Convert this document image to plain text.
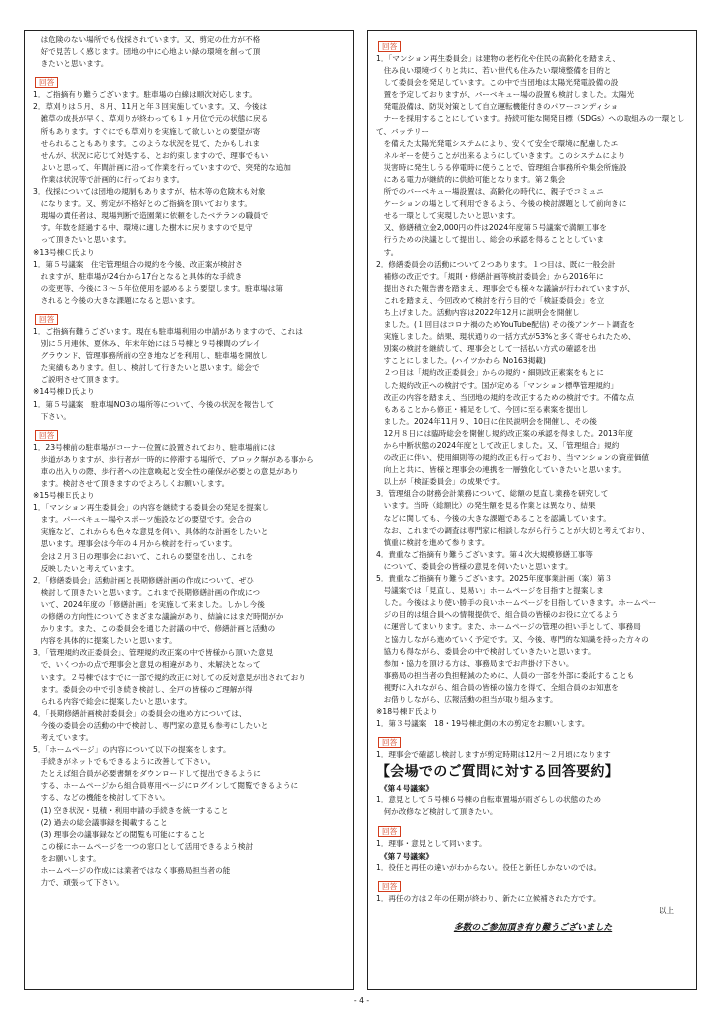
　は危険のない場所でも伐採されています。又、剪定の仕方が不格
　好で見苦しく感じます。団地の中に心地よい緑の環境を創って頂
　きたいと思います。

回答

1．ご指摘有り難うございます。駐車場の白線は順次対応します。
2．草刈りは５月、８月、11月と年３回実施しています。又、今後は
　雑草の成長が早く、草刈りが終わっても１ヶ月位で元の状態に戻る
　所もあります。すぐにでも草刈りを実施して欲しいとの要望が寄
　せられることもあります。このような状況を見て、たかもしれま
　せんが、状況に応じて対処する、とお約束しますので、理事でもい
　よいと思って、年間計画に沿って作業を行っていますので、突発的な追加
　作業は状況等で計画的に行っております。
3．伐採については団地の規制もありますが、枯木等の危険木も対象
　になります。又、剪定が不格好とのご指摘を頂いております。
　現場の責任者は、現場判断で造園業に依頼をしたベテランの職員で
　す。年数を経過する中、環境に適した樹木に戻りますので見守
　って頂きたいと思います。

※13号棟Ｃ氏より
1．第５号議案　住宅管理組合の規約を今後、改正案が検討さ
　れますが、駐車場が24台から17台となると具体的な手続き
　の変更等、今後に３～５年位使用を認めるよう要望します。駐車場は第
　されると今後の大きな課題になると思います。

回答

1．ご指摘有難うございます。現在も駐車場利用の申請がありますので、これは
　別に５月連休、夏休み、年末年始には５号棟と９号棟間のプレイ
　グラウンド、管理事務所前の空き地などを利用し、駐車場を開放し
　た実績もあります。但し、検討して行きたいと思います。総会で
　ご説明させて頂きます。

※14号棟Ｄ氏より
1．第５号議案　駐車場NO3の場所等について、今後の状況を報告して
　下さい。

回答

1．23号棟前の駐車場がコーナー位置に設置されており、駐車場前には
　歩道がありますが、歩行者が一時的に停滞する場所で、ブロック塀がある事から
　車の出入りの際、歩行者への注意喚起と安全性の確保が必要との意見があり
　ます。検討させて頂きますのでよろしくお願いします。

※15号棟Ｅ氏より
1．「マンション再生委員会」の内容を継続する委員会の発足を提案し
　ます。パーベキュー場やスポーツ施設などの要望です。会合の
　実施など、これからも色々な意見を伺い、具体的な計画をしたいと
　思います。理事会は今年の４月から検討を行っています。
　会は２月３日の理事会において、これらの要望を出し、これを
　反映したいと考えています。
2．「修繕委員会」活動計画と長期修繕計画の作成について、ぜひ
　検討して頂きたいと思います。これまで長期修繕計画の作成につ
　いて、2024年度の「修繕計画」を実施して来ました。しかし今後
　の修繕の方向性についてさまざまな議論があり、結論にはまだ時間がか
　かります。また、この委員会を通じた討議の中で、修繕計画と活動の
　内容を具体的に提案したいと思います。
3．「管理規約改正委員会」、管理規約改正案の中で皆様から頂いた意見
　で、いくつかの点で理事会と意見の相違があり、未解決となって
　います。２号棟ではすでに一部で規約改正に対しての反対意見が出されており
　ます。委員会の中で引き続き検討し、全戸の皆様のご理解が得
　られる内容で総会に提案したいと思います。
4．「長期修繕計画検討委員会」の委員会の進め方については、
　今後の委員会の活動の中で検討し、専門家の意見も参考にしたいと
　考えています。
5．「ホームページ」の内容について以下の提案をします。
　手続きがネットでもできるように改善して下さい。
　たとえば組合員が必要書類をダウンロードして提出できるように
　する、ホームページから組合員専用ページにログインして閲覧できるように
　する、などの機能を検討して下さい。
　(1) 空き状況・見積・利用申請の手続きを統一すること
　(2) 過去の総会議事録を掲載すること
　(3) 理事会の議事録などの閲覧も可能にすること
　この様にホームページを一つの窓口として活用できるよう検討
　をお願いします。
　ホームページの作成には業者ではなく事務局担当者の能
　力で、頑張って下さい。

回答

1．「マンション再生委員会」は建物の老朽化や住民の高齢化を踏まえ、
　住み良い環境づくりと共に、若い世代も住みたい環境整備を目的と
　して委員会を発足しています。この中で当団地は太陽光発電設備の設
　置を予定しておりますが、バーベキュー場の設置も検討しました。太陽光
　発電設備は、防災対策として自立運転機能付きのパワーコンディショ
　ナーを採用することにしています。持続可能な開発目標（SDGs）への取組みの一環として、バッテリー
　を備えた太陽光発電システムにより、安くて安全で環境に配慮したエ
　ネルギーを使うことが出来るようにしていきます。このシステムにより
　災害時に発生しうる停電時に使うことで、管理組合事務所や集会所施設
　にある電力が継続的に供給可能となります。第２集会
　所でのバーベキュー場設置は、高齢化の時代に、親子でコミュニ
　ケーションの場として利用できるよう、今後の検討課題として前向きに
　せる一環として実現したいと思います。
　又、修繕積立金2,000円の件は2024年度第５号議案で満額工事を
　行うための決議として提出し、総会の承認を得ることとしていま
　す。

2．修繕委員会の活動について２つあります。１つ目は、既に一般会計
　補修の改正です。「規則・修繕計画等検討委員会」から2016年に
　提出された報告書を踏まえ、理事会でも様々な議論が行われていますが、
　これを踏まえ、今回改めて検討を行う目的で「検証委員会」を立
　ち上げました。活動内容は2022年12月に説明会を開催し
　ました。(１回目はコロナ禍のためYouTube配信) その後アンケート調査を
　実施しました。結果、現状通りの一括方式が53%と多く寄せられたため、
　別案の検討を継続して、理事会として一括払い方式の確認を出
　すことにしました。(ハイツかわら No163掲載)
　２つ目は「規約改正委員会」からの規約・細則改正素案をもとに
　した規約改正への検討です。国が定める「マンション標準管理規約」
　改正の内容を踏まえ、当団地の規約を改正するための検討です。不備な点
　もあることから修正・補足をして、今回に至る素案を提出し
　ました。2024年11月９、10日に住民説明会を開催し、その後
　12月８日には臨時総会を開催し規約改正案の承認を得ました。2013年度
　から中断状態の2024年度として改正しました。又、「管理組合」規約
　の改正に伴い、使用細則等の規約改正も行っており、当マンションの資産価値
　向上と共に、皆様と理事会の連携を一層強化していきたいと思います。
　以上が「検証委員会」の成果です。
3．管理組合の財務会計業務について、総額の見直し業務を研究して
　います。当時（総額比）の発生額を見る作業とは異なり、結果
　などに関しても、今後の大きな課題であることを認識しています。
　なお、これまでの調査は専門家に相談しながら行うことが大切と考えており、
　慎重に検討を進めて参ります。
4．貴重なご指摘有り難うございます。第４次大規模修繕工事等
　について、委員会の皆様の意見を伺いたいと思います。
5．貴重なご指摘有り難うございます。2025年度事業計画（案）第３
　号議案では「見直し、見易い」ホームページを目指すと提案しま
　した。今後はより使い勝手の良いホームページを目指していきます。ホームペー
　ジの目的は組合員への情報提供で、組合員の皆様のお役に立てるよう
　に運営してまいります。また、ホームページの管理の担い手として、事務局
　と協力しながら進めていく予定です。又、今後、専門的な知識を持った方々の
　協力も得ながら、委員会の中で検討していきたいと思います。
　参加・協力を頂ける方は、事務局までお声掛け下さい。
　事務局の担当者の負担軽減のために、人員の一部を外部に委託することも
　視野に入れながら、組合員の皆様の協力を得て、全組合員のお知恵を
　お借りしながら、広報活動の担当が取り組みます。

※18号棟Ｆ氏より
1．第３号議案　18・19号棟北側の木の剪定をお願いします。

回答

1．理事会で確認し検討しますが剪定時期は12月～２月頃になります

【会場でのご質問に対する回答要約】
《第４号議案》

1．意見として５号棟６号棟の自転車置場が雨ざらしの状態のため
　何か改修など検討して頂きたい。

回答

1．理事・意見として同います。

《第７号議案》

1．役任と再任の違いがわからない。役任と新任しかないのでは。

回答

1．再任の方は２年の任期が終わり、新たに立候補された方です。

以上

多数のご参加頂き有り難うございました
- 4 -
